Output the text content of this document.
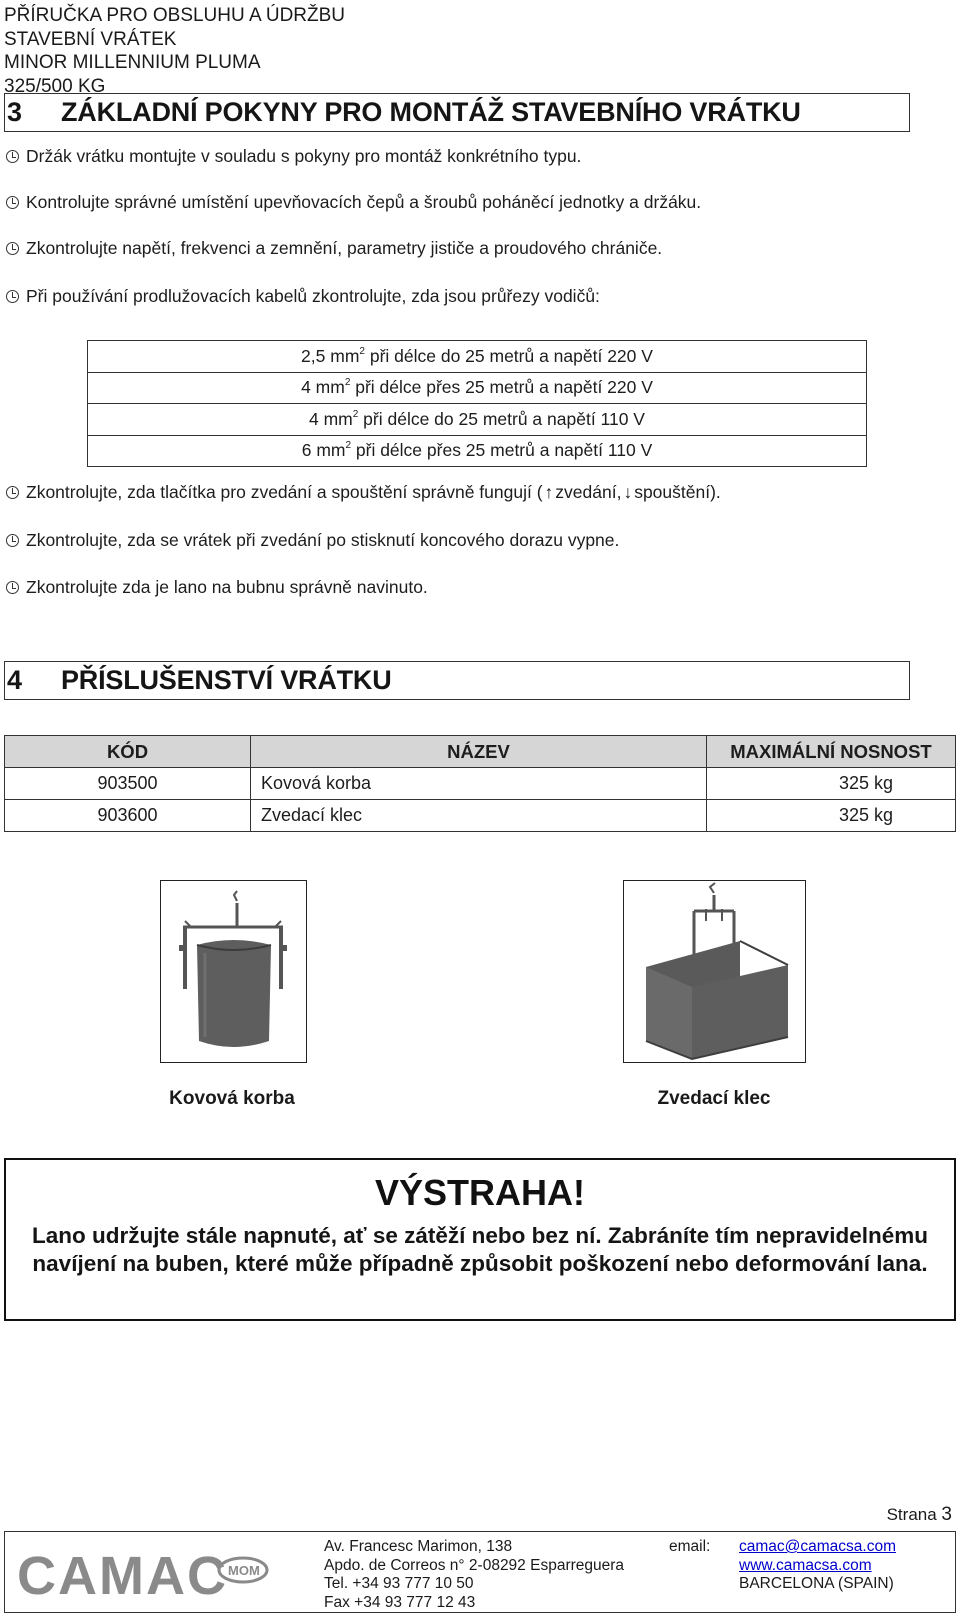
PŘÍRUČKA PRO OBSLUHU A ÚDRŽBU
STAVEBNÍ VRÁTEK
MINOR MILLENNIUM PLUMA
325/500 KG
3	ZÁKLADNÍ POKYNY PRO MONTÁŽ STAVEBNÍHO VRÁTKU
Držák vrátku montujte v souladu s pokyny pro montáž konkrétního typu.
Kontrolujte správné umístění upevňovacích čepů a šroubů poháněcí jednotky a držáku.
Zkontrolujte napětí, frekvenci a zemnění, parametry jističe a proudového chrániče.
Při používání prodlužovacích kabelů zkontrolujte, zda jsou průřezy vodičů:
2,5 $mm^2$ při délce do 25 metrů a napětí 220 V
4 $mm^2$ při délce přes 25 metrů a napětí 220 V
4 $mm^2$ při délce do 25 metrů a napětí 110 V
6 $mm^2$ při délce přes 25 metrů a napětí 110 V
Zkontrolujte, zda tlačítka pro zvedání a spouštění správně fungují ( ↑ zvedání, ↓ spouštění).
Zkontrolujte, zda se vrátek při zvedání po stisknutí koncového dorazu vypne.
Zkontrolujte zda je lano na bubnu správně navinuto.
4	PŘÍSLUŠENSTVÍ VRÁTKU
KÓD	NÁZEV	MAXIMÁLNÍ NOSNOST
903500	Kovová korba	325 kg
903600	Zvedací klec	325 kg
Kovová korba	Zvedací klec
VÝSTRAHA!
Lano udržujte stále napnuté, ať se zátěží nebo bez ní. Zabráníte tím nepravidelnému navíjení na buben, které může případně způsobit poškození nebo deformování lana.
Strana 3
CAMAC MOM
Av. Francesc Marimon, 138
Apdo. de Correos n° 2-08292 Esparreguera
Tel. +34 93 777 10 50
Fax +34 93 777 12 43
email: camac@camacsa.com
www.camacsa.com
BARCELONA (SPAIN)
